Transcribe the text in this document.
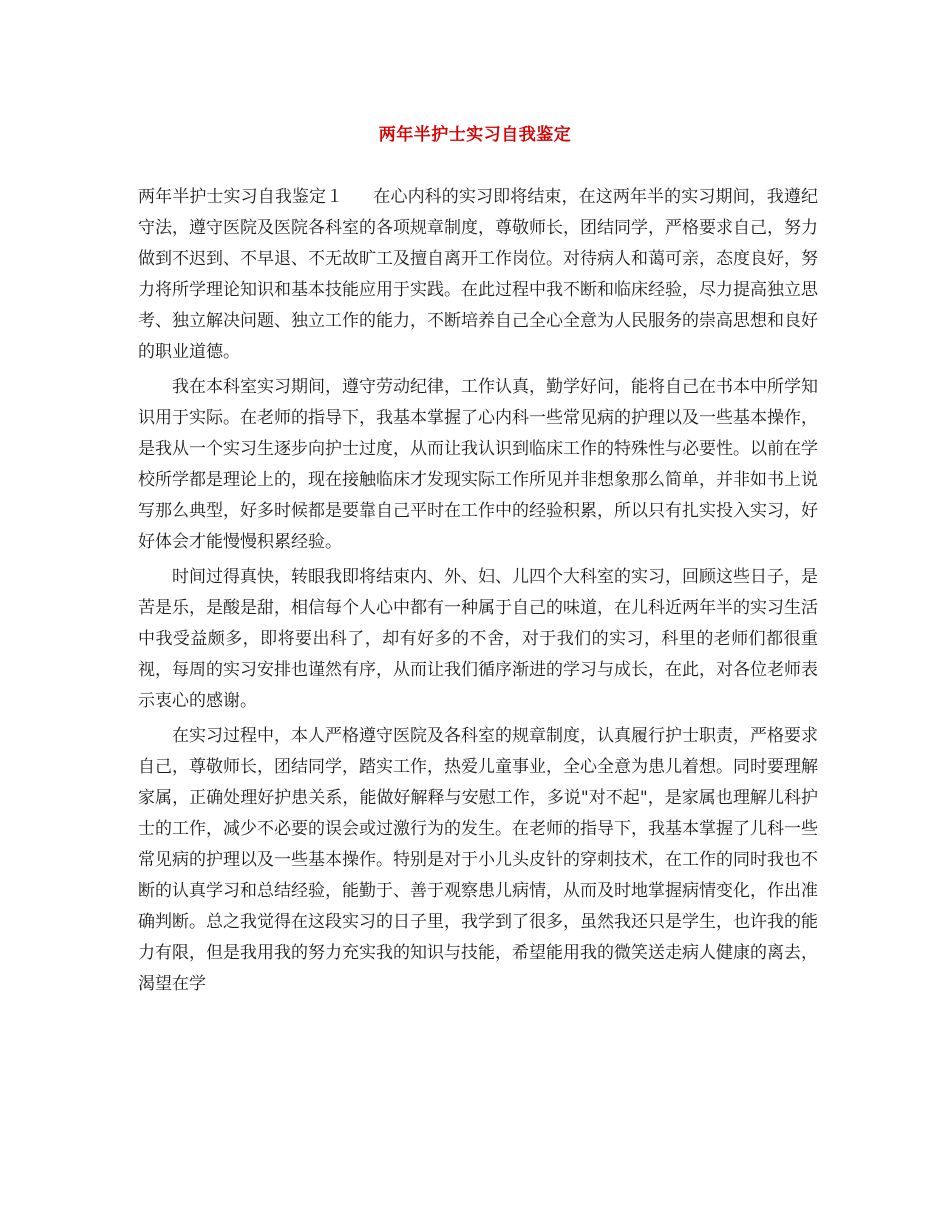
两年半护士实习自我鉴定

两年半护士实习自我鉴定１ 在心内科的实习即将结束，在这两年半的实习期间，我遵纪守法，遵守医院及医院各科室的各项规章制度，尊敬师长，团结同学，严格要求自己，努力做到不迟到、不早退、不无故旷工及擅自离开工作岗位。对待病人和蔼可亲，态度良好，努力将所学理论知识和基本技能应用于实践。在此过程中我不断和临床经验，尽力提高独立思考、独立解决问题、独立工作的能力，不断培养自己全心全意为人民服务的崇高思想和良好的职业道德。

我在本科室实习期间，遵守劳动纪律，工作认真，勤学好问，能将自己在书本中所学知识用于实际。在老师的指导下，我基本掌握了心内科一些常见病的护理以及一些基本操作，是我从一个实习生逐步向护士过度，从而让我认识到临床工作的特殊性与必要性。以前在学校所学都是理论上的，现在接触临床才发现实际工作所见并非想象那么简单，并非如书上说写那么典型，好多时候都是要靠自己平时在工作中的经验积累，所以只有扎实投入实习，好好体会才能慢慢积累经验。

时间过得真快，转眼我即将结束内、外、妇、儿四个大科室的实习，回顾这些日子，是苦是乐，是酸是甜，相信每个人心中都有一种属于自己的味道，在儿科近两年半的实习生活中我受益颇多，即将要出科了，却有好多的不舍，对于我们的实习，科里的老师们都很重视，每周的实习安排也谨然有序，从而让我们循序渐进的学习与成长，在此，对各位老师表示衷心的感谢。

在实习过程中，本人严格遵守医院及各科室的规章制度，认真履行护士职责，严格要求自己，尊敬师长，团结同学，踏实工作，热爱儿童事业，全心全意为患儿着想。同时要理解家属，正确处理好护患关系，能做好解释与安慰工作，多说"对不起"，是家属也理解儿科护士的工作，减少不必要的误会或过激行为的发生。在老师的指导下，我基本掌握了儿科一些常见病的护理以及一些基本操作。特别是对于小儿头皮针的穿刺技术，在工作的同时我也不断的认真学习和总结经验，能勤于、善于观察患儿病情，从而及时地掌握病情变化，作出准确判断。总之我觉得在这段实习的日子里，我学到了很多，虽然我还只是学生，也许我的能力有限，但是我用我的努力充实我的知识与技能，希望能用我的微笑送走病人健康的离去，渴望在学
